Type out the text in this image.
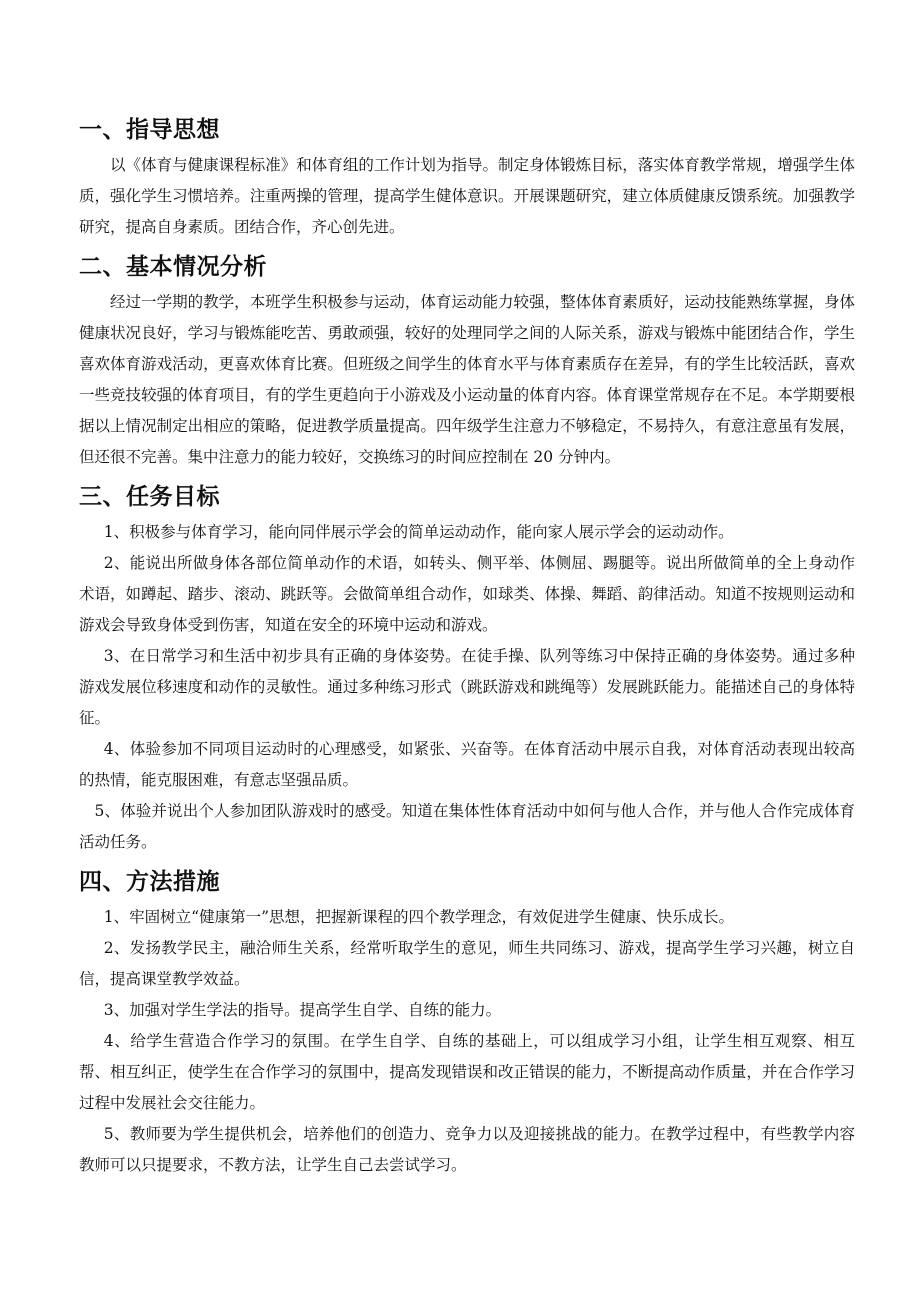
一、指导思想

以《体育与健康课程标准》和体育组的工作计划为指导。制定身体锻炼目标，落实体育教学常规，增强学生体质，强化学生习惯培养。注重两操的管理，提高学生健体意识。开展课题研究，建立体质健康反馈系统。加强教学研究，提高自身素质。团结合作，齐心创先进。

二、基本情况分析

经过一学期的教学，本班学生积极参与运动，体育运动能力较强，整体体育素质好，运动技能熟练掌握，身体健康状况良好，学习与锻炼能吃苦、勇敢顽强，较好的处理同学之间的人际关系，游戏与锻炼中能团结合作，学生喜欢体育游戏活动，更喜欢体育比赛。但班级之间学生的体育水平与体育素质存在差异，有的学生比较活跃，喜欢一些竞技较强的体育项目，有的学生更趋向于小游戏及小运动量的体育内容。体育课堂常规存在不足。本学期要根据以上情况制定出相应的策略，促进教学质量提高。四年级学生注意力不够稳定，不易持久，有意注意虽有发展，但还很不完善。集中注意力的能力较好，交换练习的时间应控制在 20 分钟内。

三、任务目标

1、积极参与体育学习，能向同伴展示学会的简单运动动作，能向家人展示学会的运动动作。

2、能说出所做身体各部位简单动作的术语，如转头、侧平举、体侧屈、踢腿等。说出所做简单的全上身动作术语，如蹲起、踏步、滚动、跳跃等。会做简单组合动作，如球类、体操、舞蹈、韵律活动。知道不按规则运动和游戏会导致身体受到伤害，知道在安全的环境中运动和游戏。

3、在日常学习和生活中初步具有正确的身体姿势。在徒手操、队列等练习中保持正确的身体姿势。通过多种游戏发展位移速度和动作的灵敏性。通过多种练习形式（跳跃游戏和跳绳等）发展跳跃能力。能描述自己的身体特征。

4、体验参加不同项目运动时的心理感受，如紧张、兴奋等。在体育活动中展示自我，对体育活动表现出较高的热情，能克服困难，有意志坚强品质。

5、体验并说出个人参加团队游戏时的感受。知道在集体性体育活动中如何与他人合作，并与他人合作完成体育活动任务。

四、方法措施

1、牢固树立“健康第一”思想，把握新课程的四个教学理念，有效促进学生健康、快乐成长。

2、发扬教学民主，融洽师生关系，经常听取学生的意见，师生共同练习、游戏，提高学生学习兴趣，树立自信，提高课堂教学效益。

3、加强对学生学法的指导。提高学生自学、自练的能力。

4、给学生营造合作学习的氛围。在学生自学、自练的基础上，可以组成学习小组，让学生相互观察、相互帮、相互纠正，使学生在合作学习的氛围中，提高发现错误和改正错误的能力，不断提高动作质量，并在合作学习过程中发展社会交往能力。

5、教师要为学生提供机会，培养他们的创造力、竞争力以及迎接挑战的能力。在教学过程中，有些教学内容教师可以只提要求，不教方法，让学生自己去尝试学习。
